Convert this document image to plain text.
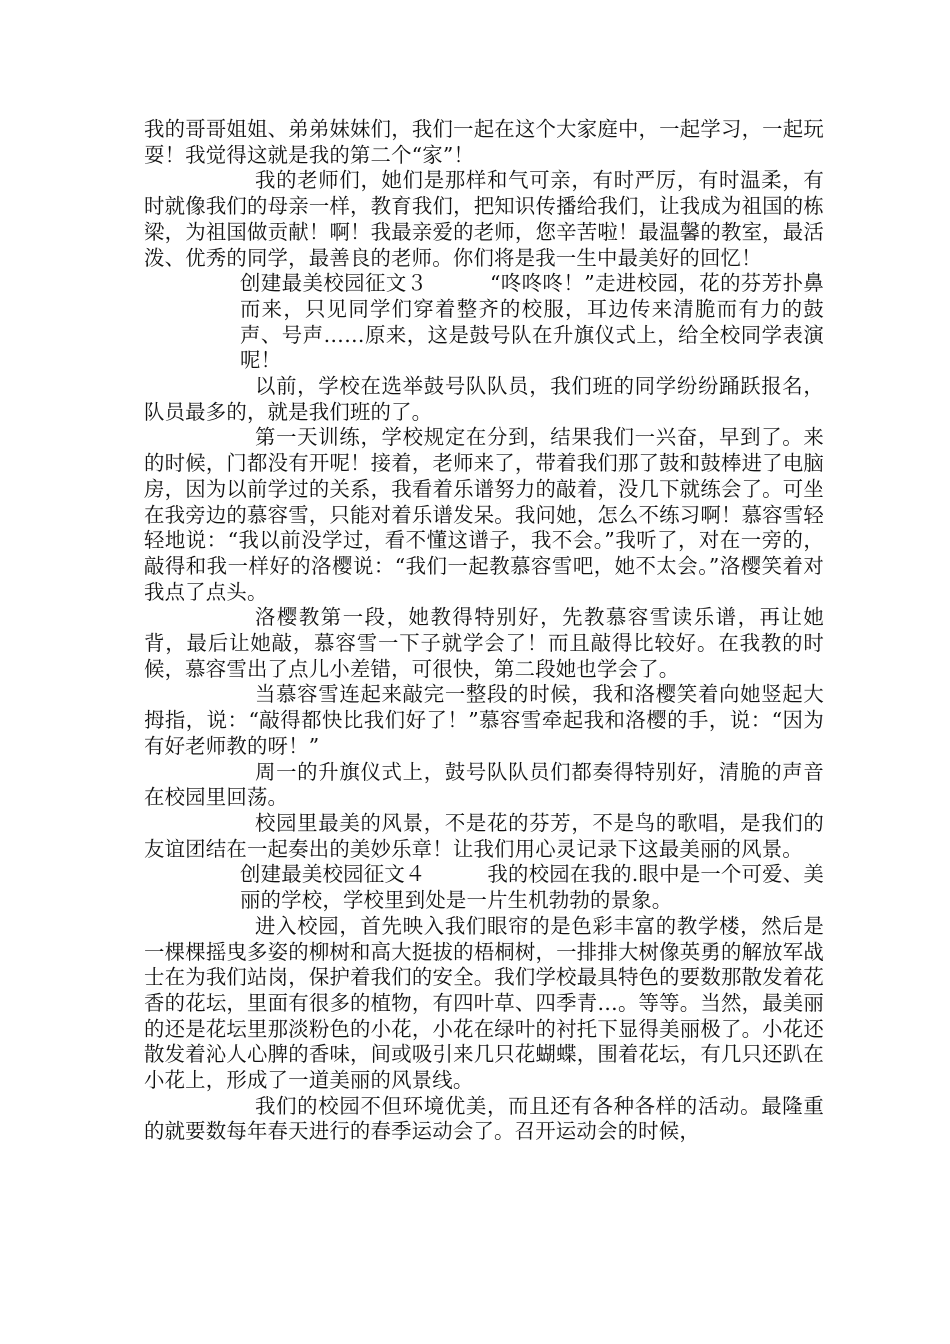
我的哥哥姐姐、弟弟妹妹们，我们一起在这个大家庭中，一起学习，一起玩耍！我觉得这就是我的第二个“家”！

我的老师们，她们是那样和气可亲，有时严厉，有时温柔，有时就像我们的母亲一样，教育我们，把知识传播给我们，让我成为祖国的栋梁，为祖国做贡献！啊！我最亲爱的老师，您辛苦啦！最温馨的教室，最活泼、优秀的同学，最善良的老师。你们将是我一生中最美好的回忆！

创建最美校园征文３　　　“咚咚咚！”走进校园，花的芬芳扑鼻而来，只见同学们穿着整齐的校服，耳边传来清脆而有力的鼓声、号声……原来，这是鼓号队在升旗仪式上，给全校同学表演呢！

以前，学校在选举鼓号队队员，我们班的同学纷纷踊跃报名，队员最多的，就是我们班的了。

第一天训练，学校规定在分到，结果我们一兴奋，早到了。来的时候，门都没有开呢！接着，老师来了，带着我们那了鼓和鼓棒进了电脑房，因为以前学过的关系，我看着乐谱努力的敲着，没几下就练会了。可坐在我旁边的慕容雪，只能对着乐谱发呆。我问她，怎么不练习啊！慕容雪轻轻地说：“我以前没学过，看不懂这谱子，我不会。”我听了，对在一旁的，敲得和我一样好的洛樱说：“我们一起教慕容雪吧，她不太会。”洛樱笑着对我点了点头。

洛樱教第一段，她教得特别好，先教慕容雪读乐谱，再让她背，最后让她敲，慕容雪一下子就学会了！而且敲得比较好。在我教的时候，慕容雪出了点儿小差错，可很快，第二段她也学会了。

当慕容雪连起来敲完一整段的时候，我和洛樱笑着向她竖起大拇指，说：“敲得都快比我们好了！”慕容雪牵起我和洛樱的手，说：“因为有好老师教的呀！”

周一的升旗仪式上，鼓号队队员们都奏得特别好，清脆的声音在校园里回荡。

校园里最美的风景，不是花的芬芳，不是鸟的歌唱，是我们的友谊团结在一起奏出的美妙乐章！让我们用心灵记录下这最美丽的风景。

创建最美校园征文４　　　我的校园在我的.眼中是一个可爱、美丽的学校，学校里到处是一片生机勃勃的景象。

进入校园，首先映入我们眼帘的是色彩丰富的教学楼，然后是一棵棵摇曳多姿的柳树和高大挺拔的梧桐树，一排排大树像英勇的解放军战士在为我们站岗，保护着我们的安全。我们学校最具特色的要数那散发着花香的花坛，里面有很多的植物，有四叶草、四季青…。等等。当然，最美丽的还是花坛里那淡粉色的小花，小花在绿叶的衬托下显得美丽极了。小花还散发着沁人心脾的香味，间或吸引来几只花蝴蝶，围着花坛，有几只还趴在小花上，形成了一道美丽的风景线。

我们的校园不但环境优美，而且还有各种各样的活动。最隆重的就要数每年春天进行的春季运动会了。召开运动会的时候，
